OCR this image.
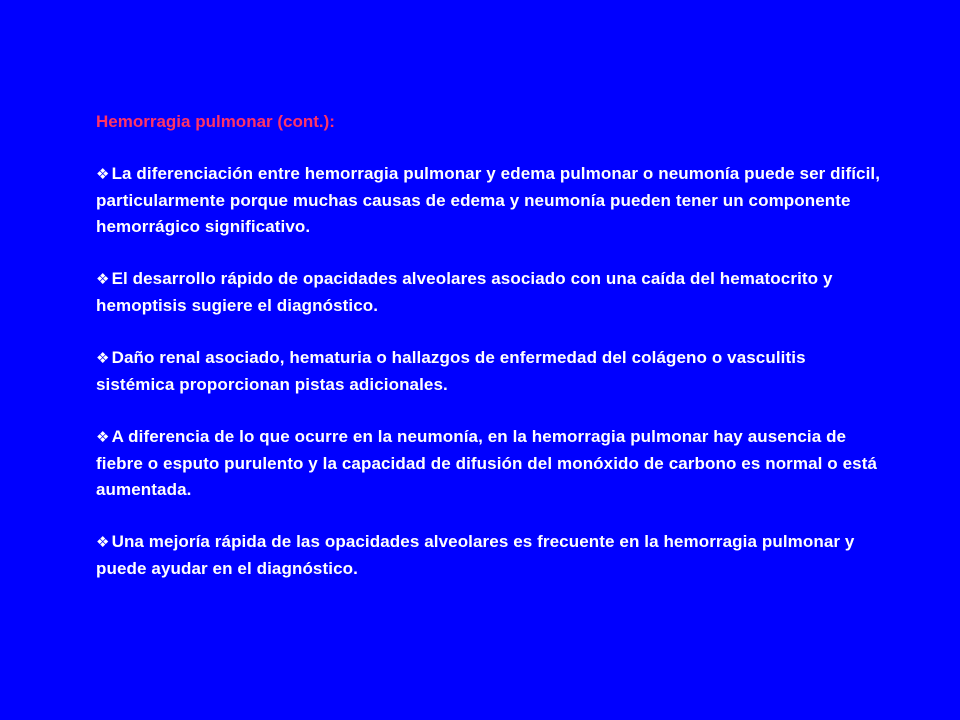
Hemorragia pulmonar (cont.):
❖ La diferenciación entre hemorragia pulmonar y edema pulmonar o neumonía puede ser difícil, particularmente porque muchas causas de edema y neumonía pueden tener un componente hemorrágico significativo.
❖ El desarrollo rápido de opacidades alveolares asociado con una caída del hematocrito y hemoptisis sugiere el diagnóstico.
❖ Daño renal asociado, hematuria o hallazgos de enfermedad del colágeno o vasculitis sistémica proporcionan pistas adicionales.
❖ A diferencia de lo que ocurre en la neumonía, en la hemorragia pulmonar hay ausencia de fiebre o esputo purulento y la capacidad de difusión del monóxido de carbono es normal o está aumentada.
❖ Una mejoría rápida de las opacidades alveolares es frecuente en la hemorragia pulmonar y puede ayudar en el diagnóstico.
